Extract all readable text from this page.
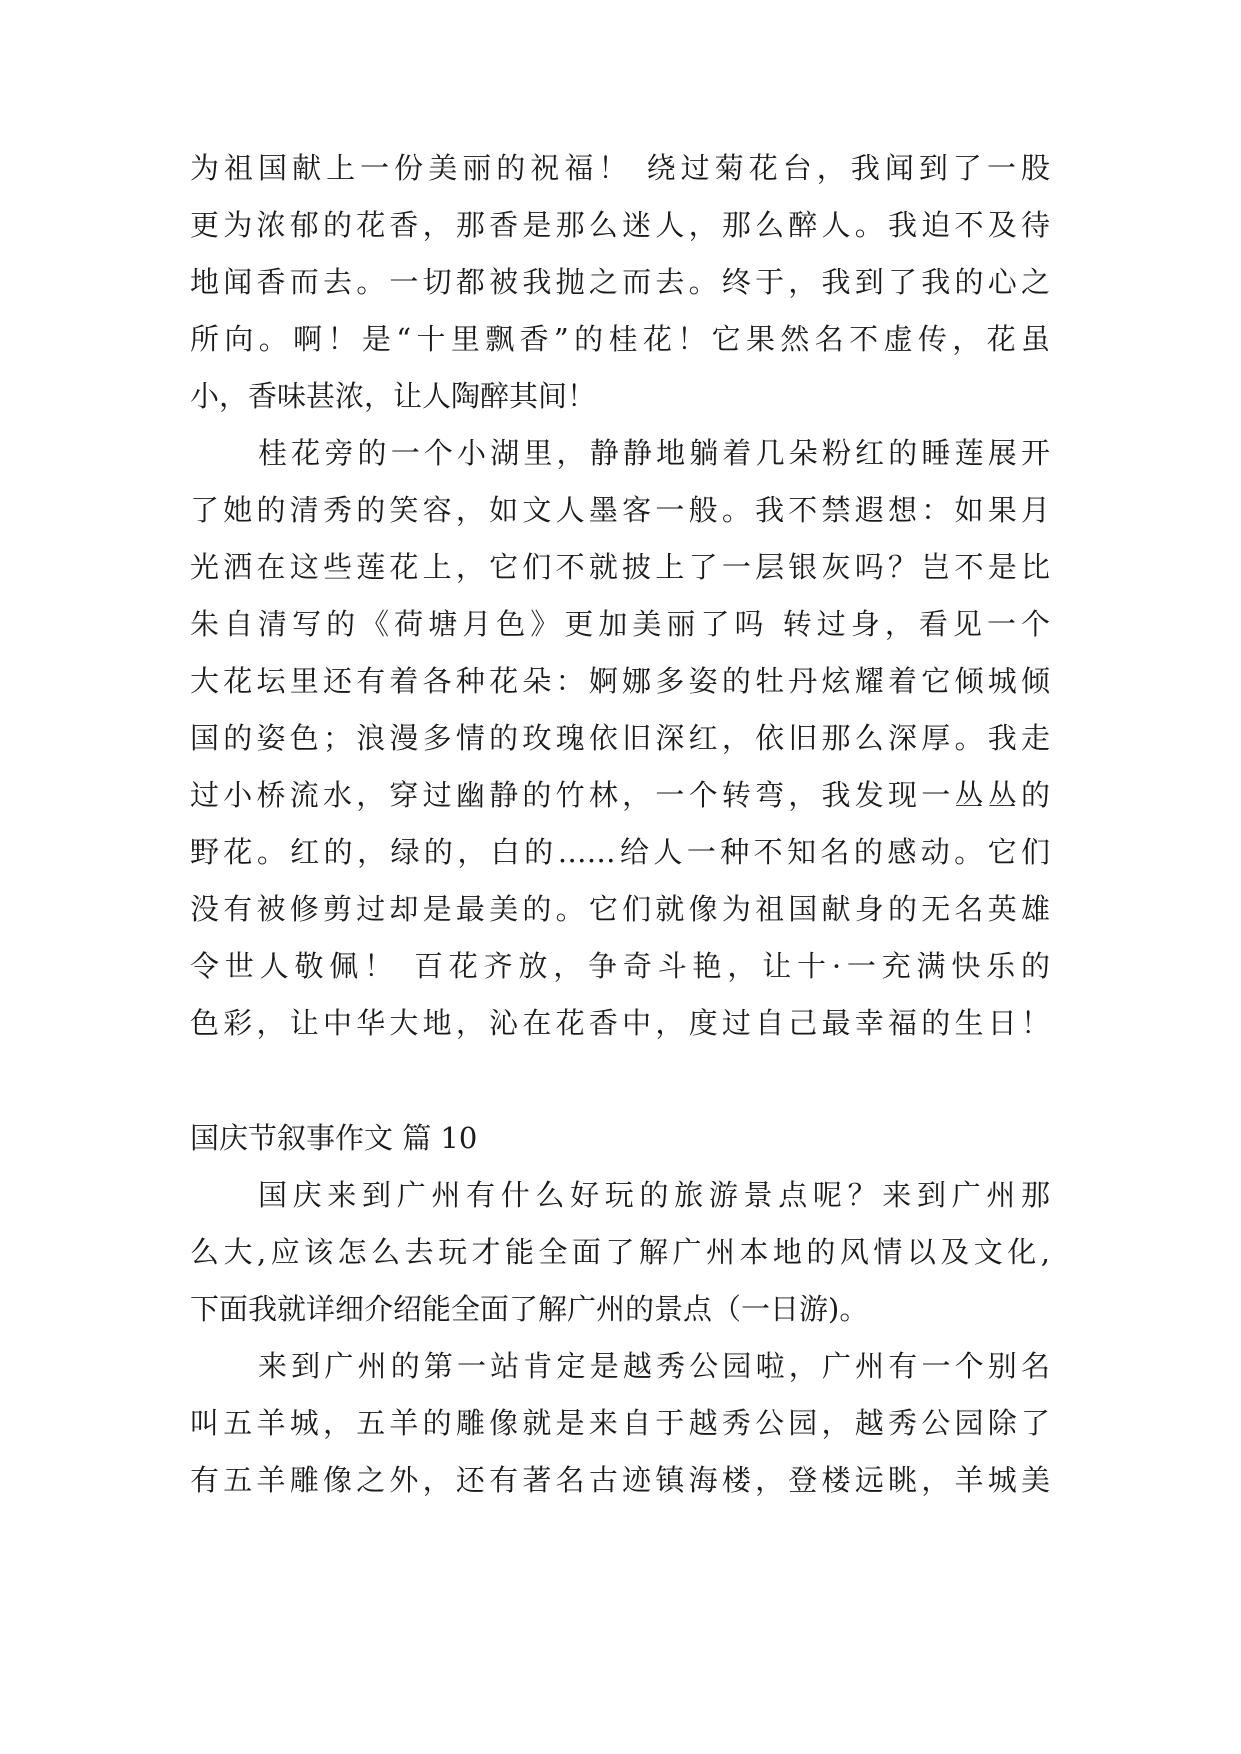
为祖国献上一份美丽的祝福！ 绕过菊花台，我闻到了一股

更为浓郁的花香，那香是那么迷人，那么醉人。我迫不及待

地闻香而去。一切都被我抛之而去。终于，我到了我的心之

所向。啊！是“十里飘香”的桂花！它果然名不虚传，花虽

小，香味甚浓，让人陶醉其间！

桂花旁的一个小湖里，静静地躺着几朵粉红的睡莲展开

了她的清秀的笑容，如文人墨客一般。我不禁遐想：如果月

光洒在这些莲花上，它们不就披上了一层银灰吗？岂不是比

朱自清写的《荷塘月色》更加美丽了吗 转过身，看见一个

大花坛里还有着各种花朵：婀娜多姿的牡丹炫耀着它倾城倾

国的姿色；浪漫多情的玫瑰依旧深红，依旧那么深厚。我走

过小桥流水，穿过幽静的竹林，一个转弯，我发现一丛丛的

野花。红的，绿的，白的……给人一种不知名的感动。它们

没有被修剪过却是最美的。它们就像为祖国献身的无名英雄

令世人敬佩！ 百花齐放，争奇斗艳，让十·一充满快乐的

色彩，让中华大地，沁在花香中，度过自己最幸福的生日！

国庆节叙事作文 篇 10

国庆来到广州有什么好玩的旅游景点呢？来到广州那

么大,应该怎么去玩才能全面了解广州本地的风情以及文化,

下面我就详细介绍能全面了解广州的景点（一日游)。

来到广州的第一站肯定是越秀公园啦，广州有一个别名

叫五羊城，五羊的雕像就是来自于越秀公园，越秀公园除了

有五羊雕像之外，还有著名古迹镇海楼，登楼远眺，羊城美
